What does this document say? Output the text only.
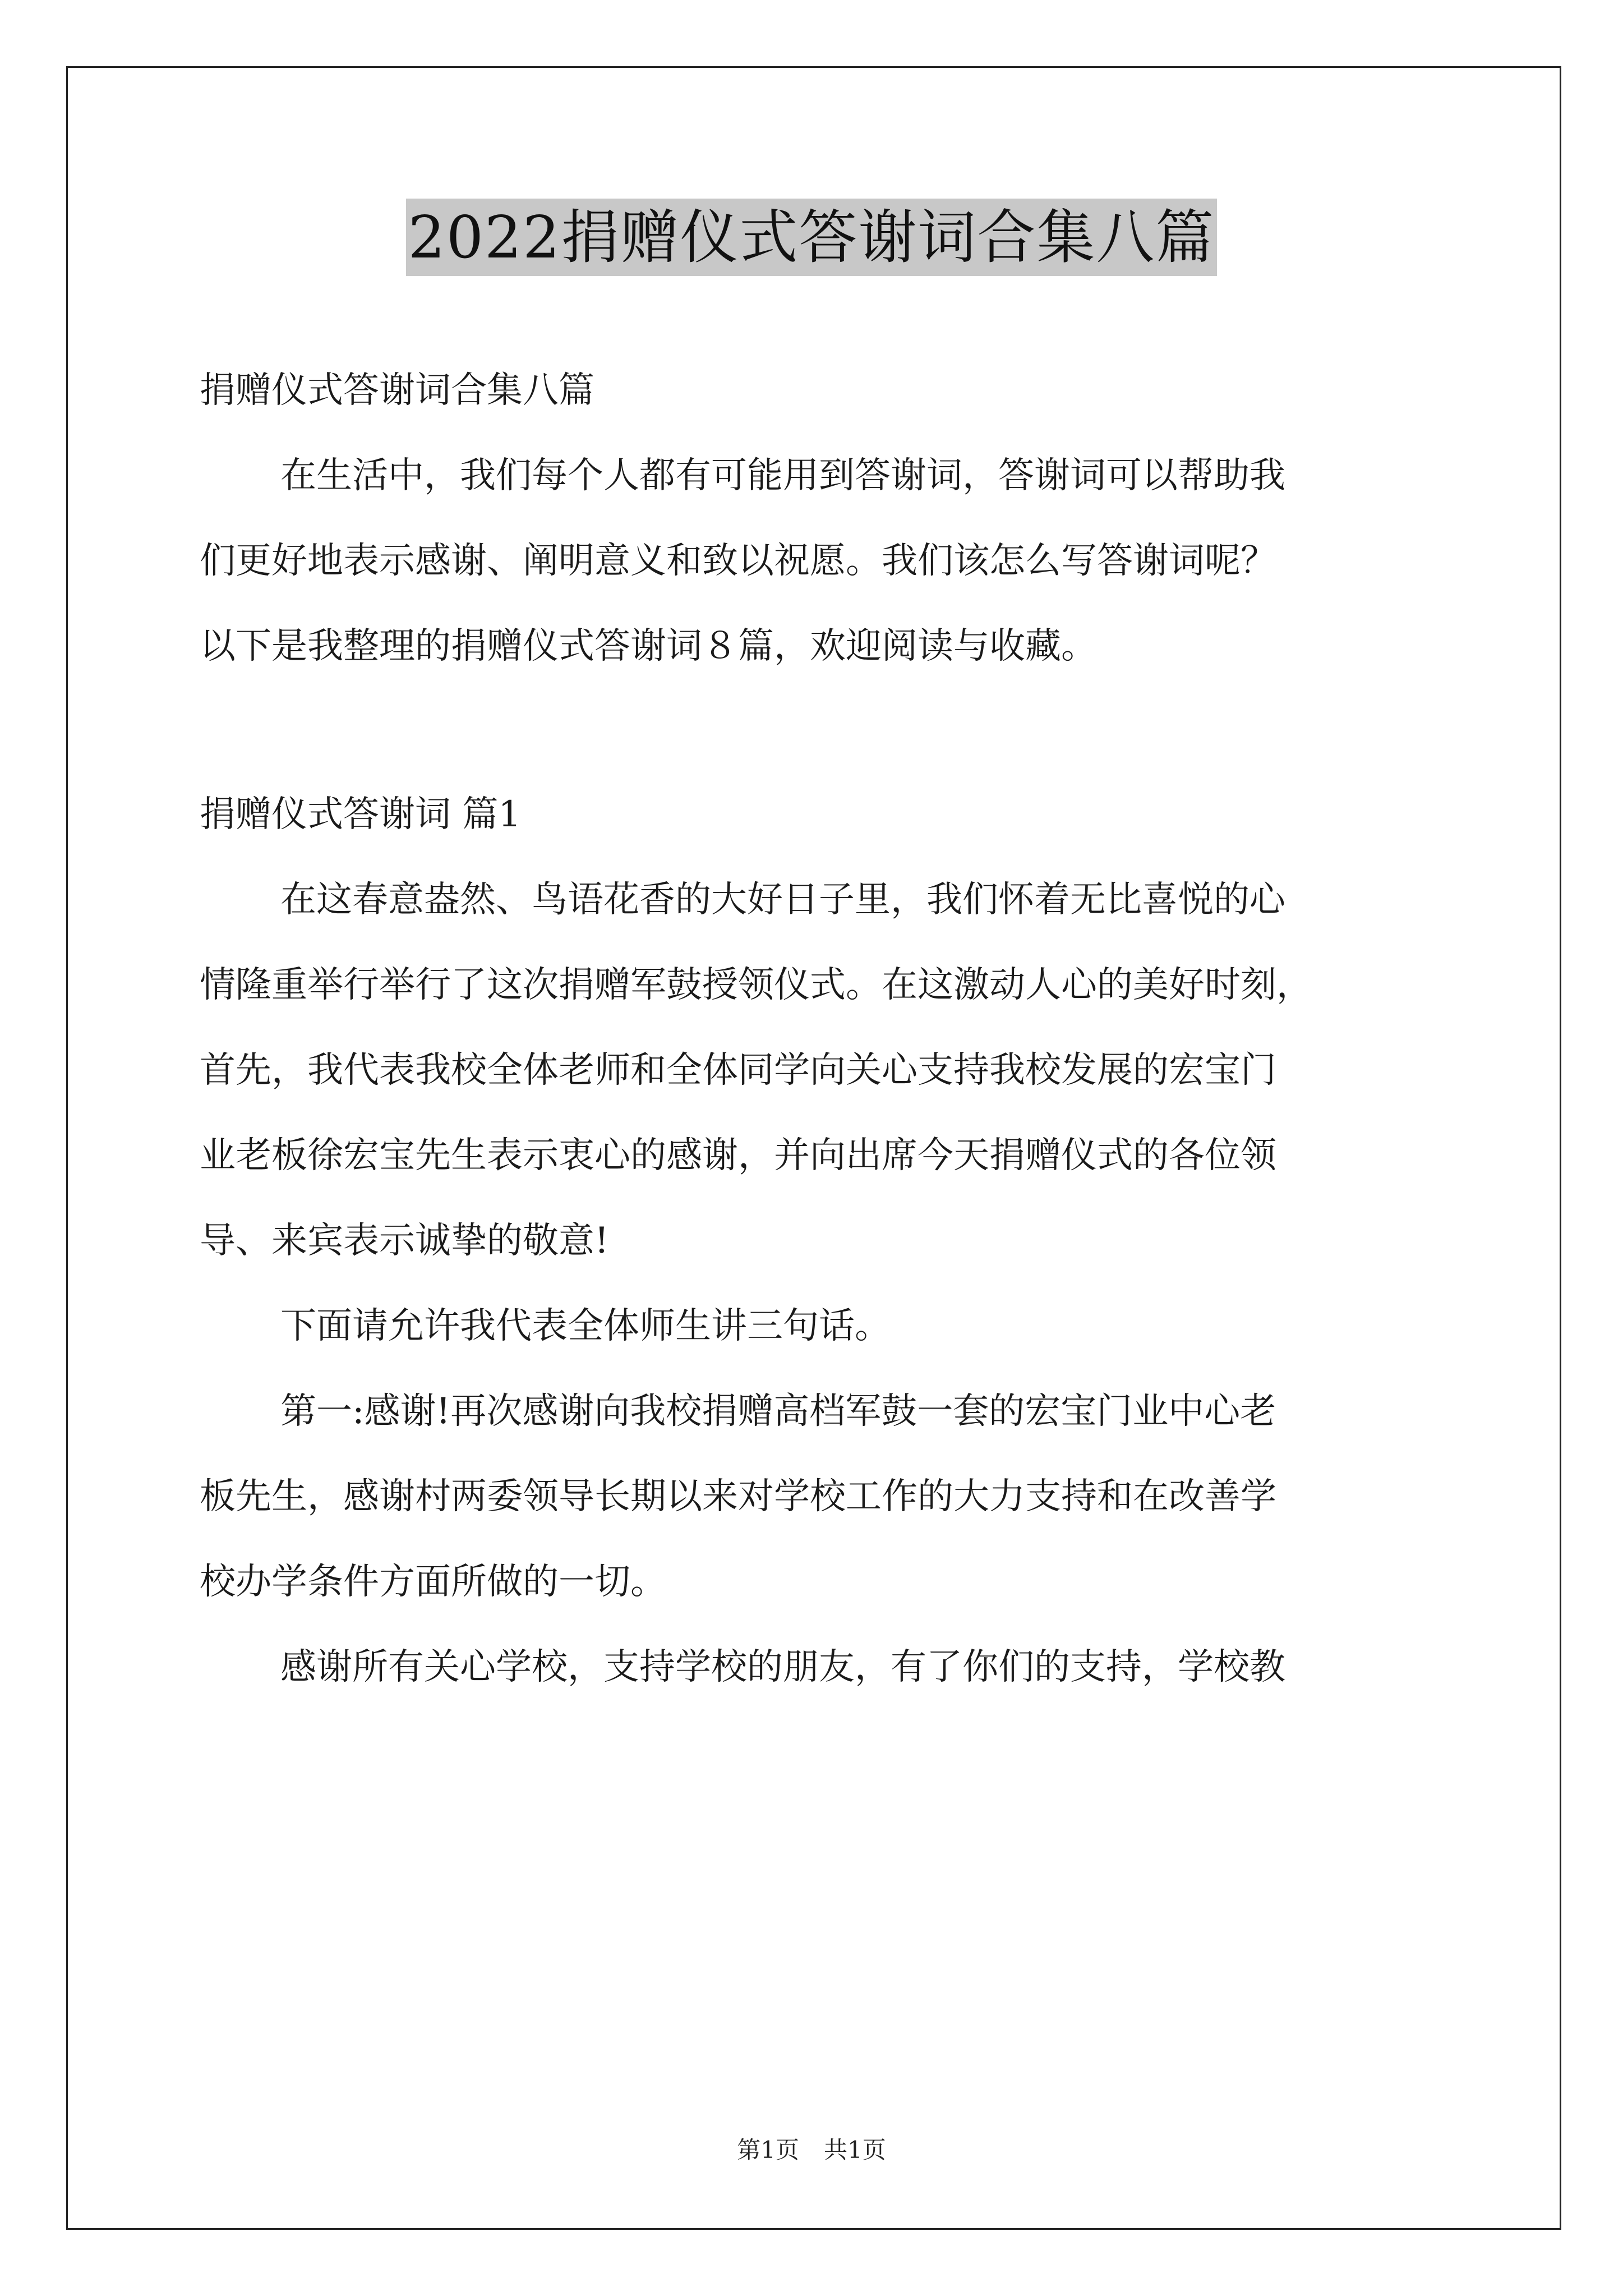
2022捐赠仪式答谢词合集八篇

捐赠仪式答谢词合集八篇

在生活中，我们每个人都有可能用到答谢词，答谢词可以帮助我

们更好地表示感谢、阐明意义和致以祝愿。我们该怎么写答谢词呢？

以下是我整理的捐赠仪式答谢词８篇，欢迎阅读与收藏。

捐赠仪式答谢词 篇1

在这春意盎然、鸟语花香的大好日子里，我们怀着无比喜悦的心

情隆重举行举行了这次捐赠军鼓授领仪式。在这激动人心的美好时刻，

首先，我代表我校全体老师和全体同学向关心支持我校发展的宏宝门

业老板徐宏宝先生表示衷心的感谢，并向出席今天捐赠仪式的各位领

导、来宾表示诚挚的敬意!

下面请允许我代表全体师生讲三句话。

第一:感谢!再次感谢向我校捐赠高档军鼓一套的宏宝门业中心老

板先生，感谢村两委领导长期以来对学校工作的大力支持和在改善学

校办学条件方面所做的一切。

感谢所有关心学校，支持学校的朋友，有了你们的支持，学校教

第1页 共1页
